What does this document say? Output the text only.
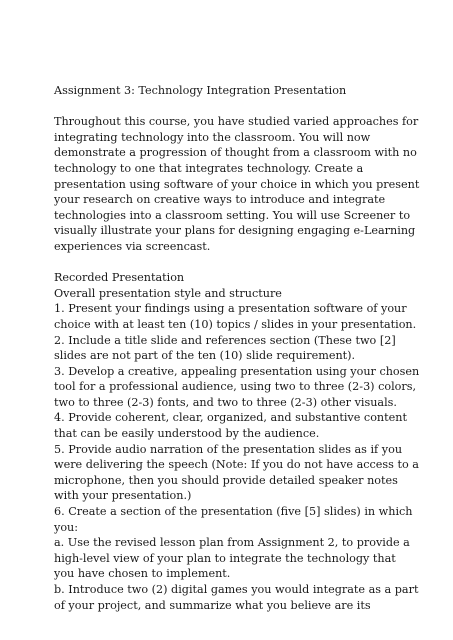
Assignment 3: Technology Integration Presentation
Throughout this course, you have studied varied approaches for
integrating technology into the classroom. You will now
demonstrate a progression of thought from a classroom with no
technology to one that integrates technology. Create a
presentation using software of your choice in which you present
your research on creative ways to introduce and integrate
technologies into a classroom setting. You will use Screener to
visually illustrate your plans for designing engaging e-Learning
experiences via screencast.
Recorded Presentation
Overall presentation style and structure
1. Present your findings using a presentation software of your
choice with at least ten (10) topics / slides in your presentation.
2. Include a title slide and references section (These two [2]
slides are not part of the ten (10) slide requirement).
3. Develop a creative, appealing presentation using your chosen
tool for a professional audience, using two to three (2-3) colors,
two to three (2-3) fonts, and two to three (2-3) other visuals.
4. Provide coherent, clear, organized, and substantive content
that can be easily understood by the audience.
5. Provide audio narration of the presentation slides as if you
were delivering the speech (Note: If you do not have access to a
microphone, then you should provide detailed speaker notes
with your presentation.)
6. Create a section of the presentation (five [5] slides) in which
you:
a. Use the revised lesson plan from Assignment 2, to provide a
high-level view of your plan to integrate the technology that
you have chosen to implement.
b. Introduce two (2) digital games you would integrate as a part
of your project, and summarize what you believe are its
